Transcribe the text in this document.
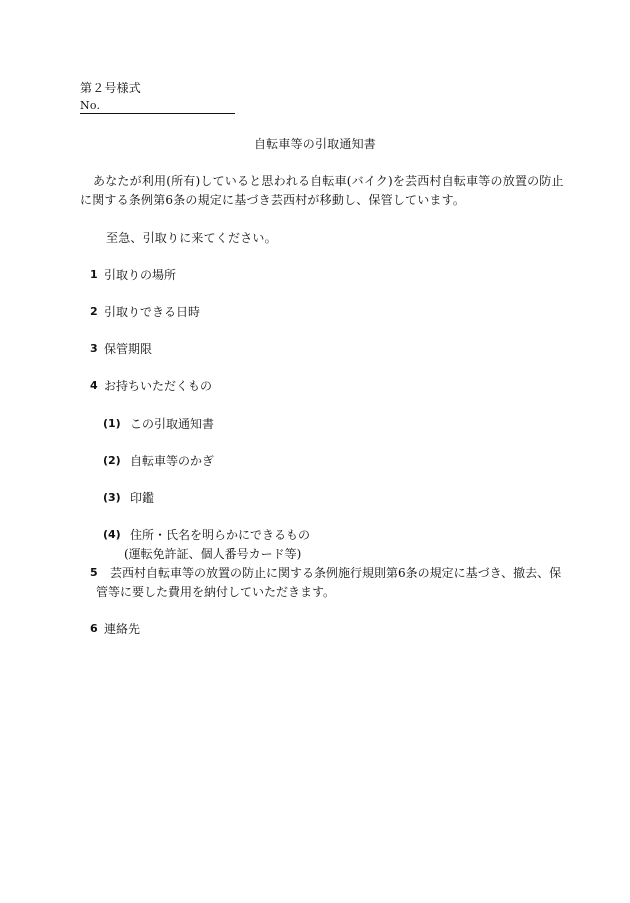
第２号様式
No.
自転車等の引取通知書
あなたが利用(所有)していると思われる自転車(バイク)を芸西村自転車等の放置の防止
に関する条例第6条の規定に基づき芸西村が移動し、保管しています。
至急、引取りに来てください。
1 引取りの場所
2 引取りできる日時
3 保管期限
4 お持ちいただくもの
(1) この引取通知書
(2) 自転車等のかぎ
(3) 印鑑
(4) 住所・氏名を明らかにできるもの
(運転免許証、個人番号カード等)
5 芸西村自転車等の放置の防止に関する条例施行規則第6条の規定に基づき、撤去、保
管等に要した費用を納付していただきます。
6 連絡先
